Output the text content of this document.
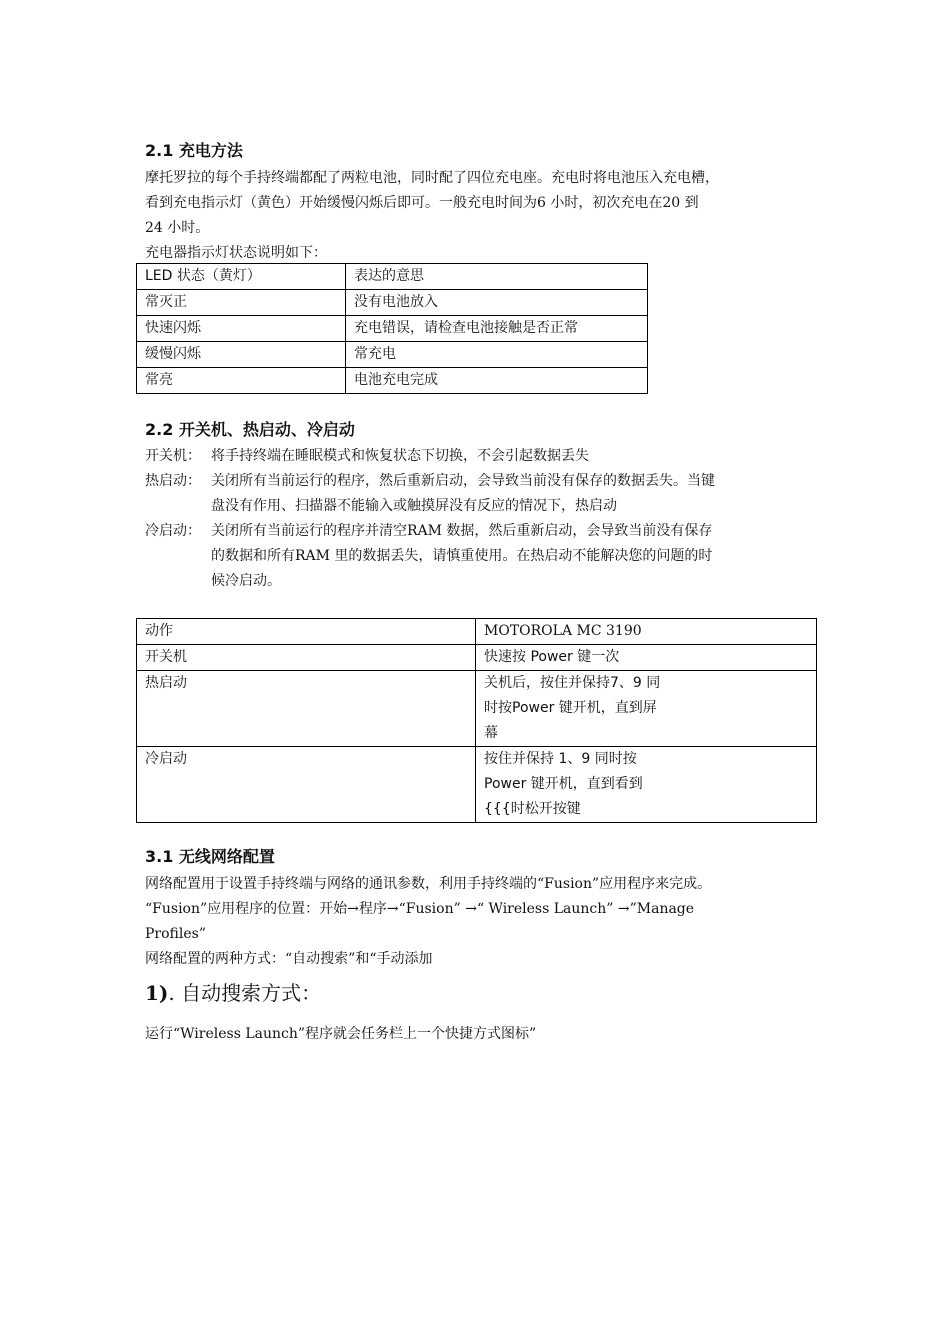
2.1 充电方法

摩托罗拉的每个手持终端都配了两粒电池，同时配了四位充电座。充电时将电池压入充电槽，

看到充电指示灯（黄色）开始缓慢闪烁后即可。一般充电时间为6 小时，初次充电在20 到

24 小时。

充电器指示灯状态说明如下：

LED 状态（黄灯）	表达的意思
常灭正	没有电池放入
快速闪烁	充电错误，请检查电池接触是否正常
缓慢闪烁	常充电
常亮	电池充电完成
2.2 开关机、热启动、冷启动
开关机： 将手持终端在睡眠模式和恢复状态下切换，不会引起数据丢失
热启动： 关闭所有当前运行的程序，然后重新启动，会导致当前没有保存的数据丢失。当键
盘没有作用、扫描器不能输入或触摸屏没有反应的情况下，热启动
冷启动： 关闭所有当前运行的程序并清空RAM 数据，然后重新启动，会导致当前没有保存
的数据和所有RAM 里的数据丢失，请慎重使用。在热启动不能解决您的问题的时
候冷启动。
动作	MOTOROLA MC 3190
开关机	快速按 Power 键一次
热启动	关机后，按住并保持7、9 同
时按Power 键开机，直到屏
幕

冷启动	按住并保持 1、9 同时按
Power 键开机，直到看到
{{{时松开按键
3.1 无线网络配置

网络配置用于设置手持终端与网络的通讯参数，利用手持终端的“Fusion”应用程序来完成。

“Fusion”应用程序的位置：开始→程序→“Fusion” →“ Wireless Launch” →”Manage

Profiles”

网络配置的两种方式：“自动搜索”和“手动添加

1). 自动搜索方式：

运行“Wireless Launch”程序就会任务栏上一个快捷方式图标”
